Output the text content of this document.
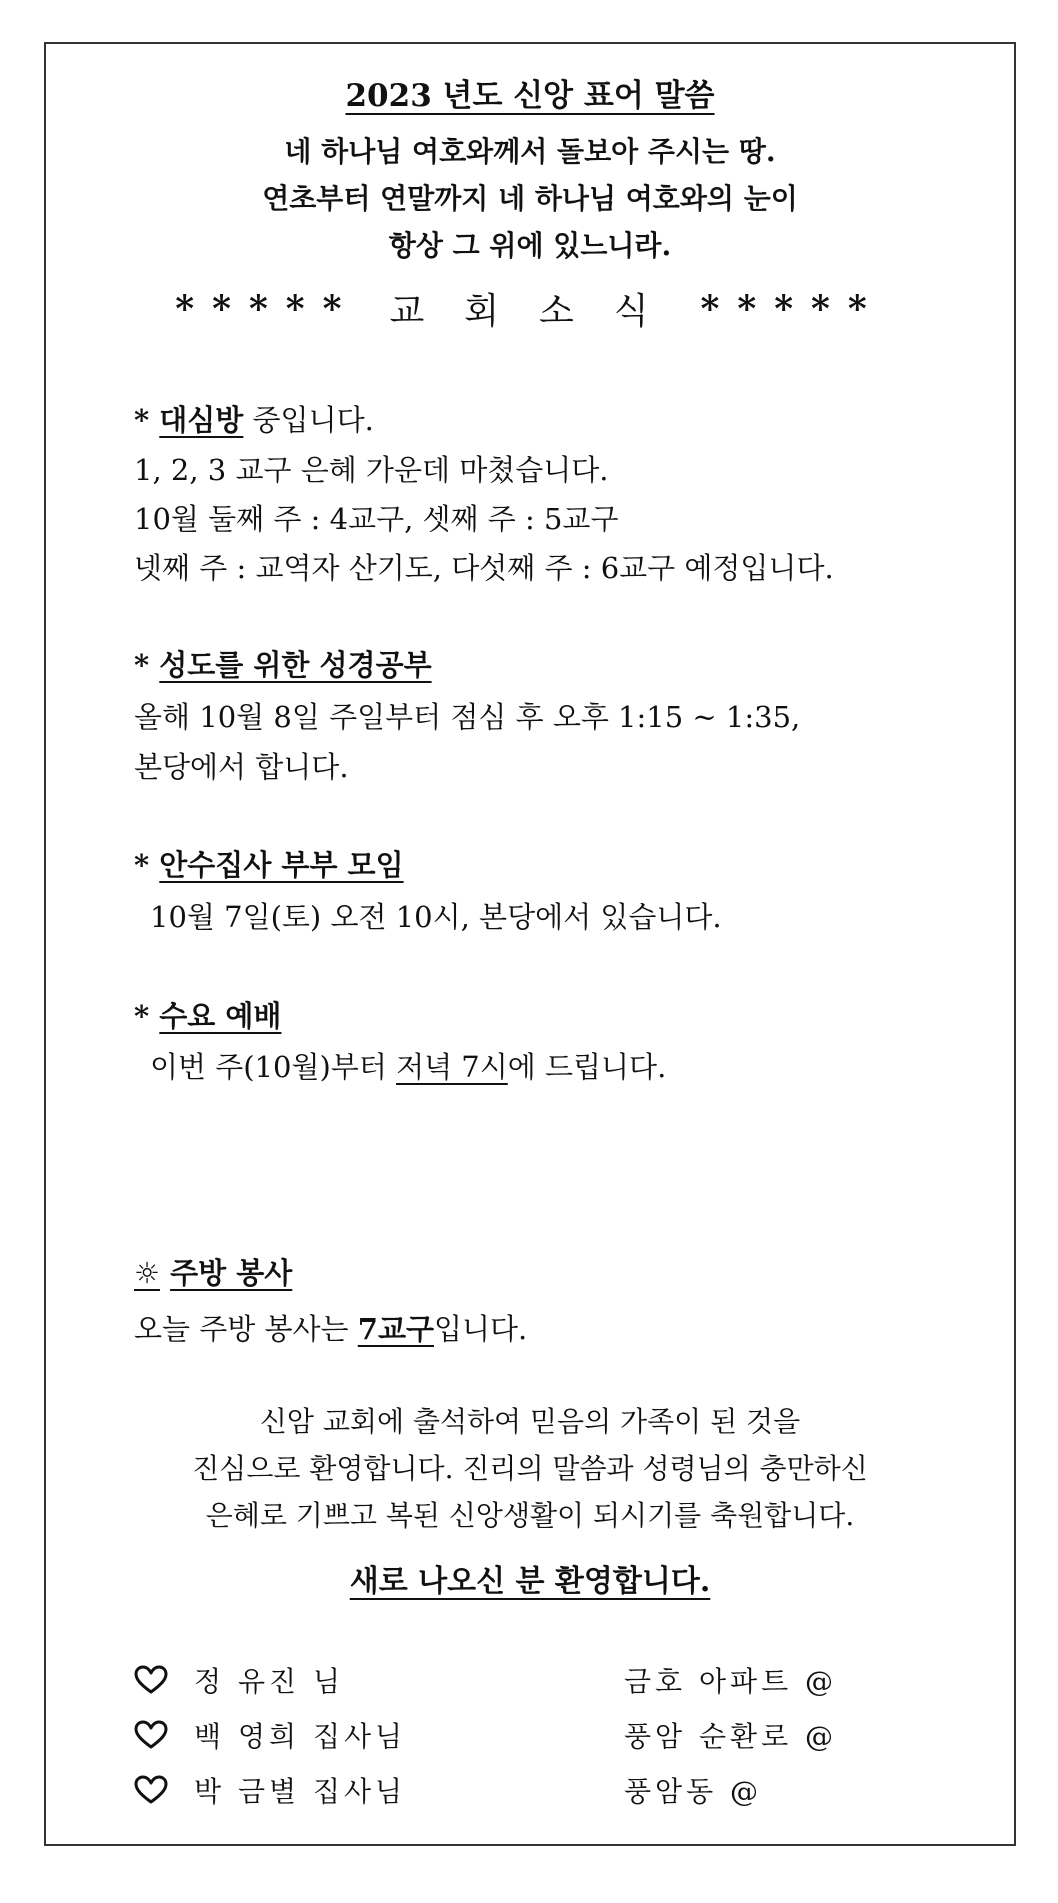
2023 년도 신앙 표어 말씀
네 하나님 여호와께서 돌보아 주시는 땅.
연초부터 연말까지 네 하나님 여호와의 눈이
항상 그 위에 있느니라.
***** 교회소식 *****
* 대심방 중입니다.
1, 2, 3 교구 은혜 가운데 마쳤습니다.
10월 둘째 주 : 4교구, 셋째 주 : 5교구
넷째 주 : 교역자 산기도, 다섯째 주 : 6교구 예정입니다.
* 성도를 위한 성경공부
올해 10월 8일 주일부터 점심 후 오후 1:15 ~ 1:35,
본당에서 합니다.
* 안수집사 부부 모임
10월 7일(토) 오전 10시, 본당에서 있습니다.
* 수요 예배
이번 주(10월)부터 저녁 7시에 드립니다.
☼ 주방 봉사
오늘 주방 봉사는 7교구입니다.
신암 교회에 출석하여 믿음의 가족이 된 것을
진심으로 환영합니다. 진리의 말씀과 성령님의 충만하신
은혜로 기쁘고 복된 신앙생활이 되시기를 축원합니다.
새로 나오신 분 환영합니다.
정 유진 님	금호 아파트 @
백 영희 집사님	풍암 순환로 @
박 금별 집사님	풍암동 @
